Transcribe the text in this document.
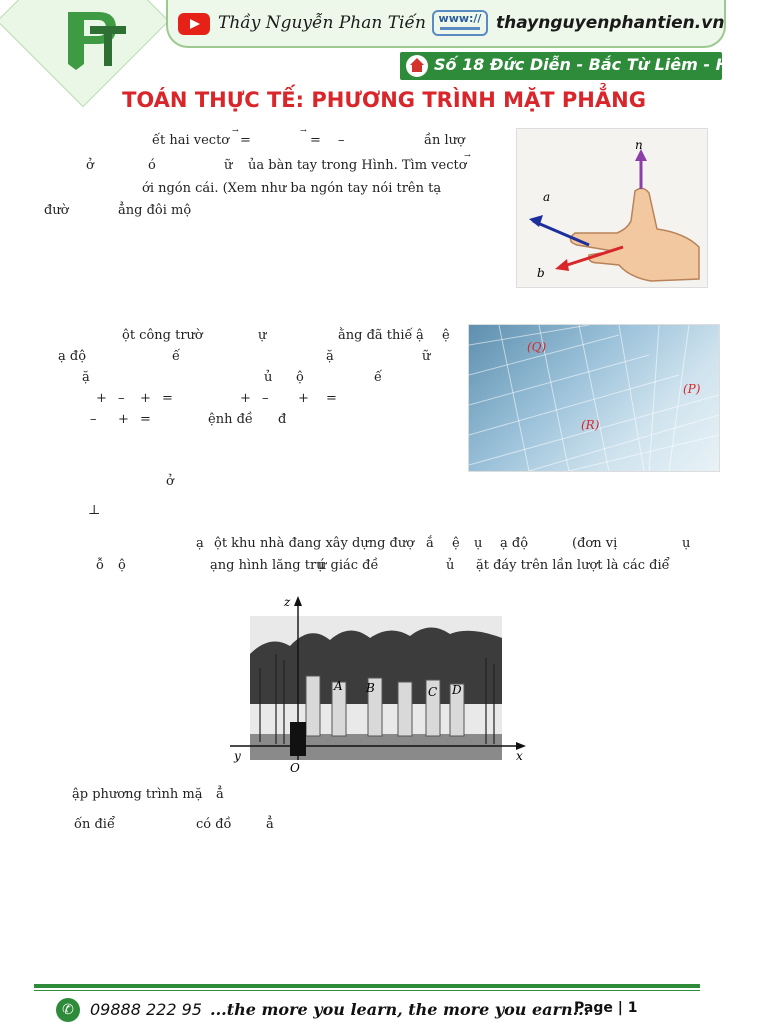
Thầy Nguyễn Phan Tiến	www:// thaynguyenphantien.vn
Số 18 Đức Diễn - Bắc Từ Liêm - HN
TOÁN THỰC TẾ: PHƯƠNG TRÌNH MẶT PHẲNG
ết hai vectơ
→
=
→
= –	ần lượ
ở	ó	ữ ủa bàn tay trong Hình. Tìm vectơ
→
ới ngón cái. (Xem như ba ngón tay nói trên tạ
đườ	ẳng đôi mộ
n
a
b
ột công trườ	ự	ằng đã thiế ậ ệ
ạ độ	ế	ặ	ữ
ặ	ủ ộ	ế
+ – + =	+ – + =
– + =	ệnh đề đ
ở
⊥
(Q)
(P)
(R)
ạ ột khu nhà đang xây dựng đượ ắ ệ ụ ạ độ	(đơn vị	ụ
ỗ ộ	ạng hình lăng trụ
ứ giác đề	ủ ặt đáy trên lần lượt là các điể
z
y	x
O
A B	C D
ập phương trình mặ ẳ
ốn điể	có đồ	ẳ
✆	09888 222 95 ...the more you learn, the more you earn...
Page | 1
